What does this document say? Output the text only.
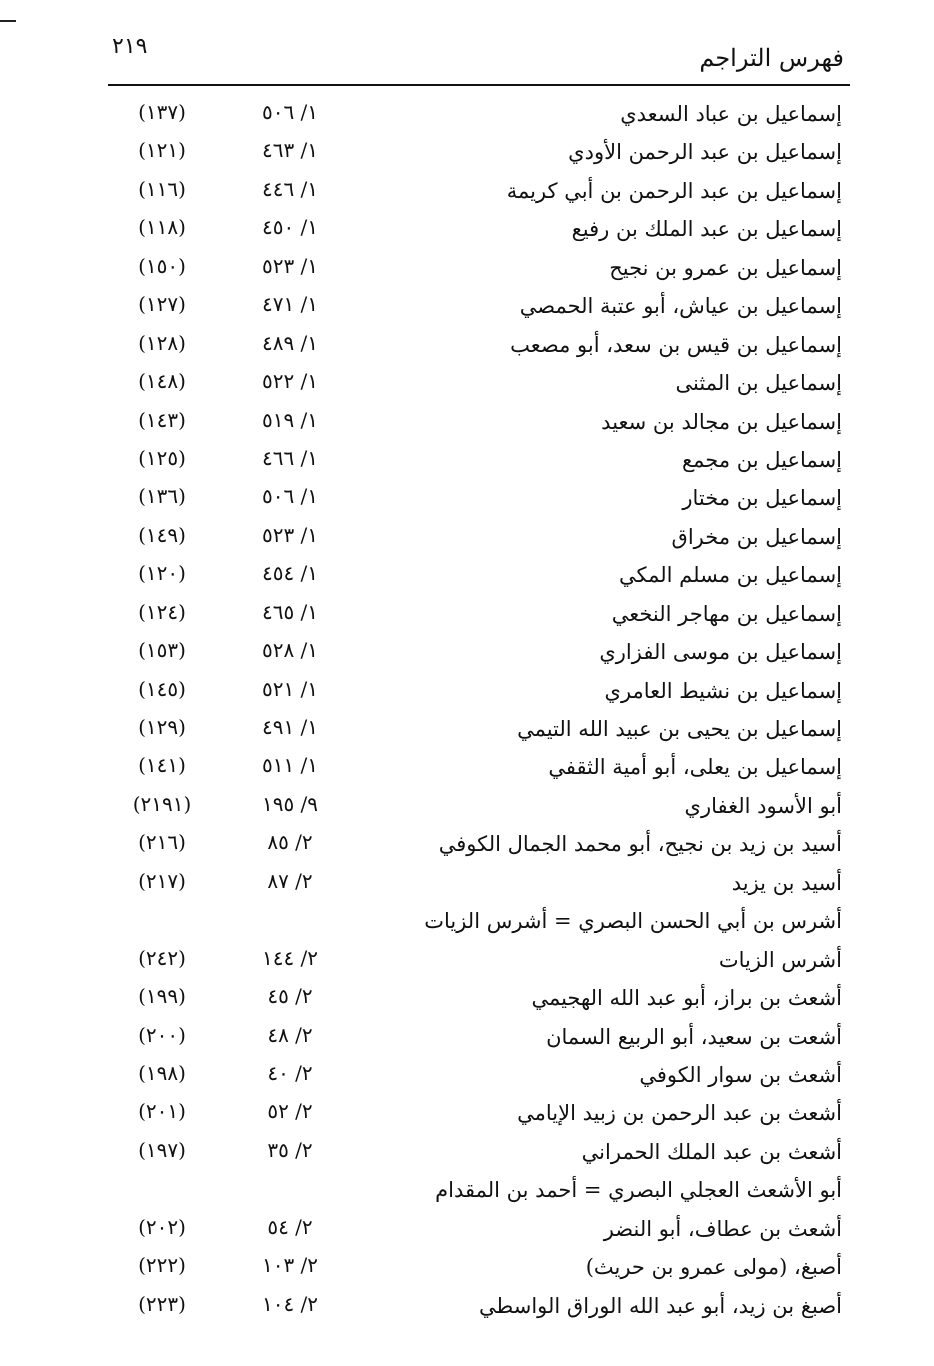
٢١٩	فهرس التراجم
إسماعيل بن عباد السعدي
١/ ٥٠٦
(١٣٧)
إسماعيل بن عبد الرحمن الأودي
١/ ٤٦٣
(١٢١)
إسماعيل بن عبد الرحمن بن أبي كريمة
١/ ٤٤٦
(١١٦)
إسماعيل بن عبد الملك بن رفيع
١/ ٤٥٠
(١١٨)
إسماعيل بن عمرو بن نجيح
١/ ٥٢٣
(١٥٠)
إسماعيل بن عياش، أبو عتبة الحمصي
١/ ٤٧١
(١٢٧)
إسماعيل بن قيس بن سعد، أبو مصعب
١/ ٤٨٩
(١٢٨)
إسماعيل بن المثنى
١/ ٥٢٢
(١٤٨)
إسماعيل بن مجالد بن سعيد
١/ ٥١٩
(١٤٣)
إسماعيل بن مجمع
١/ ٤٦٦
(١٢٥)
إسماعيل بن مختار
١/ ٥٠٦
(١٣٦)
إسماعيل بن مخراق
١/ ٥٢٣
(١٤٩)
إسماعيل بن مسلم المكي
١/ ٤٥٤
(١٢٠)
إسماعيل بن مهاجر النخعي
١/ ٤٦٥
(١٢٤)
إسماعيل بن موسى الفزاري
١/ ٥٢٨
(١٥٣)
إسماعيل بن نشيط العامري
١/ ٥٢١
(١٤٥)
إسماعيل بن يحيى بن عبيد الله التيمي
١/ ٤٩١
(١٢٩)
إسماعيل بن يعلى، أبو أمية الثقفي
١/ ٥١١
(١٤١)
أبو الأسود الغفاري
٩/ ١٩٥
(٢١٩١)
أسيد بن زيد بن نجيح، أبو محمد الجمال الكوفي
٢/ ٨٥
(٢١٦)
أسيد بن يزيد
٢/ ٨٧
(٢١٧)
أشرس بن أبي الحسن البصري = أشرس الزيات
أشرس الزيات
٢/ ١٤٤
(٢٤٢)
أشعث بن براز، أبو عبد الله الهجيمي
٢/ ٤٥
(١٩٩)
أشعت بن سعيد، أبو الربيع السمان
٢/ ٤٨
(٢٠٠)
أشعث بن سوار الكوفي
٢/ ٤٠
(١٩٨)
أشعث بن عبد الرحمن بن زبيد الإيامي
٢/ ٥٢
(٢٠١)
أشعث بن عبد الملك الحمراني
٢/ ٣٥
(١٩٧)
أبو الأشعث العجلي البصري = أحمد بن المقدام
أشعث بن عطاف، أبو النضر
٢/ ٥٤
(٢٠٢)
أصبغ، (مولى عمرو بن حريث)
٢/ ١٠٣
(٢٢٢)
أصبغ بن زيد، أبو عبد الله الوراق الواسطي
٢/ ١٠٤
(٢٢٣)
